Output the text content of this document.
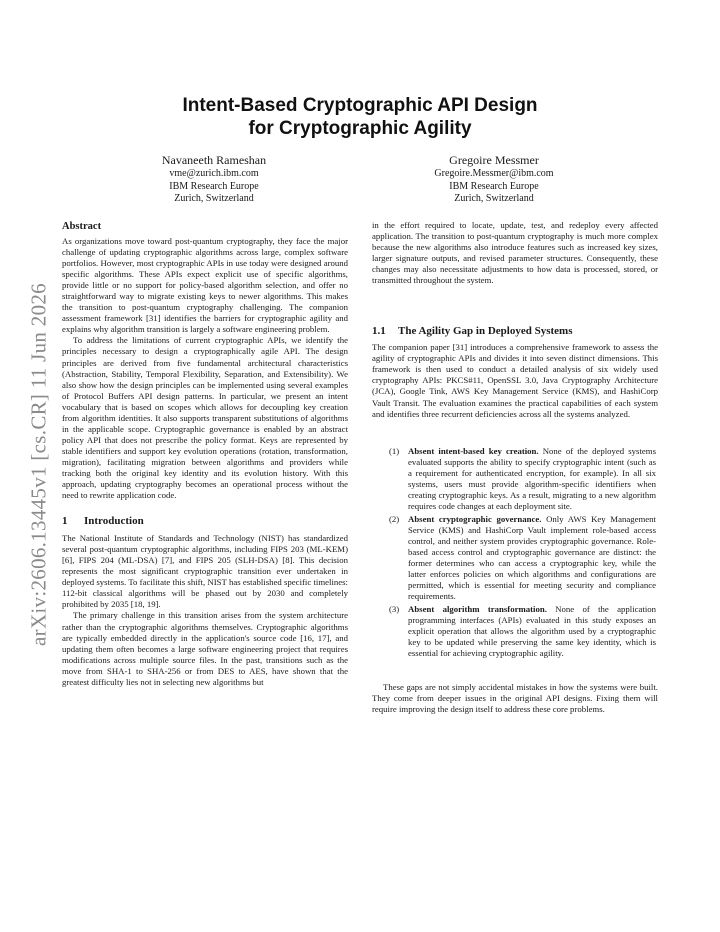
arXiv:2606.13445v1 [cs.CR] 11 Jun 2026
Intent-Based Cryptographic API Design
for Cryptographic Agility
Navaneeth Rameshan
vme@zurich.ibm.com
IBM Research Europe
Zurich, Switzerland
Gregoire Messmer
Gregoire.Messmer@ibm.com
IBM Research Europe
Zurich, Switzerland
Abstract

As organizations move toward post-quantum cryptography, they face the major challenge of updating cryptographic algorithms across large, complex software portfolios. However, most cryptographic APIs in use today were designed around specific algorithms. These APIs expect explicit use of specific algorithms, provide little or no support for policy-based algorithm selection, and offer no straightforward way to migrate existing keys to newer algorithms. This makes the transition to post-quantum cryptography challenging. The companion assessment framework [31] identifies the barriers for cryptographic agility and explains why algorithm transition is largely a software engineering problem.

To address the limitations of current cryptographic APIs, we identify the principles necessary to design a cryptographically agile API. The design principles are derived from five fundamental architectural characteristics (Abstraction, Stability, Temporal Flexibility, Separation, and Extensibility). We also show how the design principles can be implemented using several examples of Protocol Buffers API design patterns. In particular, we present an intent vocabulary that is based on scopes which allows for decoupling key creation from algorithm identities. It also supports transparent substitutions of algorithms in the applicable scope. Cryptographic governance is enabled by an abstract policy API that does not prescribe the policy format. Keys are represented by stable identifiers and support key evolution operations (rotation, transformation, migration), facilitating migration between algorithms and providers while tracking both the original key identity and its evolution history. With this approach, updating cryptography becomes an operational process without the need to rewrite application code.

1 Introduction

The National Institute of Standards and Technology (NIST) has standardized several post-quantum cryptographic algorithms, including FIPS 203 (ML-KEM) [6], FIPS 204 (ML-DSA) [7], and FIPS 205 (SLH-DSA) [8]. This decision represents the most significant cryptographic transition ever undertaken in deployed systems. To facilitate this shift, NIST has established specific timelines: 112-bit classical algorithms will be phased out by 2030 and completely prohibited by 2035 [18, 19].

The primary challenge in this transition arises from the system architecture rather than the cryptographic algorithms themselves. Cryptographic algorithms are typically embedded directly in the application's source code [16, 17], and updating them often becomes a large software engineering project that requires modifications across multiple source files. In the past, transitions such as the move from SHA-1 to SHA-256 or from DES to AES, have shown that the greatest difficulty lies not in selecting new algorithms but

in the effort required to locate, update, test, and redeploy every affected application. The transition to post-quantum cryptography is much more complex because the new algorithms also introduce features such as increased key sizes, larger signature outputs, and revised parameter structures. Consequently, these changes may also necessitate adjustments to how data is processed, stored, or transmitted throughout the system.

1.1 The Agility Gap in Deployed Systems

The companion paper [31] introduces a comprehensive framework to assess the agility of cryptographic APIs and divides it into seven distinct dimensions. This framework is then used to conduct a detailed analysis of six widely used cryptography APIs: PKCS#11, OpenSSL 3.0, Java Cryptography Architecture (JCA), Google Tink, AWS Key Management Service (KMS), and HashiCorp Vault Transit. The evaluation examines the practical capabilities of each system and identifies three recurrent deficiencies across all the systems analyzed.

(1) Absent intent-based key creation. None of the deployed systems evaluated supports the ability to specify cryptographic intent (such as a requirement for authenticated encryption, for example). In all six systems, users must provide algorithm-specific identifiers when creating cryptographic keys. As a result, migrating to a new algorithm requires code changes at each deployment site.
(2) Absent cryptographic governance. Only AWS Key Management Service (KMS) and HashiCorp Vault implement role-based access control, and neither system provides cryptographic governance. Role-based access control and cryptographic governance are distinct: the former determines who can access a cryptographic key, while the latter enforces policies on which algorithms and configurations are permitted, which is essential for meeting security and compliance requirements.
(3) Absent algorithm transformation. None of the application programming interfaces (APIs) evaluated in this study exposes an explicit operation that allows the algorithm used by a cryptographic key to be updated while preserving the same key identity, which is essential for achieving cryptographic agility.

These gaps are not simply accidental mistakes in how the systems were built. They come from deeper issues in the original API designs. Fixing them will require improving the design itself to address these core problems.
